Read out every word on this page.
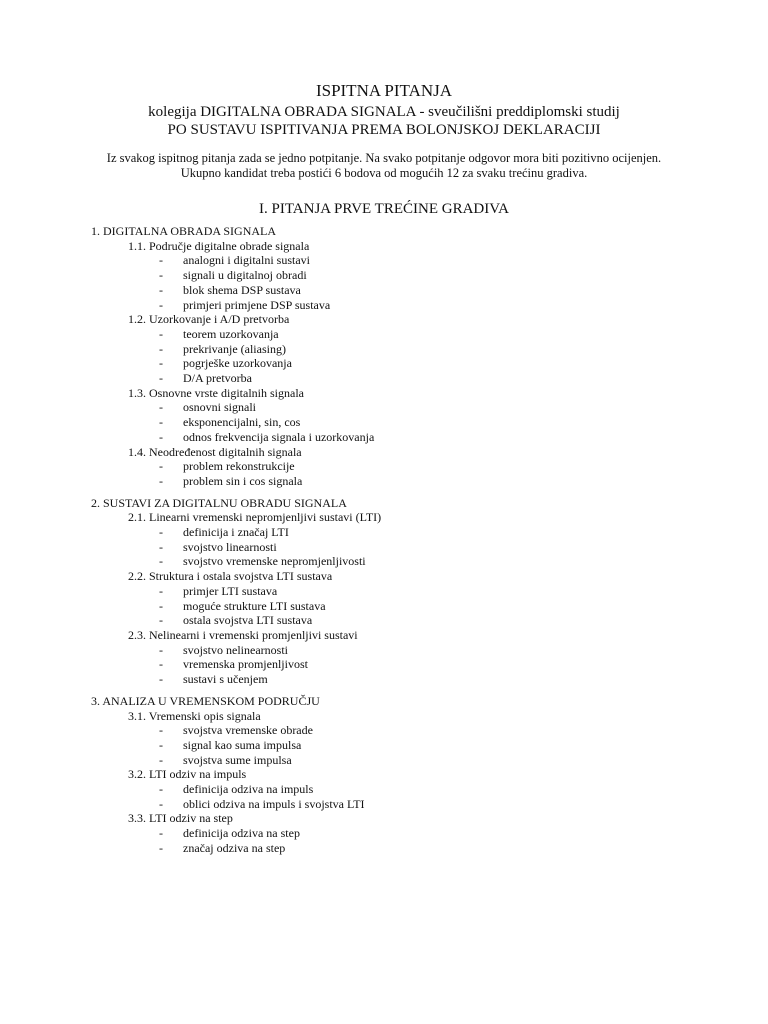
ISPITNA PITANJA
kolegija DIGITALNA OBRADA SIGNALA - sveučilišni preddiplomski studij
PO SUSTAVU ISPITIVANJA PREMA BOLONJSKOJ DEKLARACIJI
Iz svakog ispitnog pitanja zada se jedno potpitanje. Na svako potpitanje odgovor mora biti pozitivno ocijenjen.
Ukupno kandidat treba postići 6 bodova od mogućih 12 za svaku trećinu gradiva.
I. PITANJA PRVE TREĆINE GRADIVA
1. DIGITALNA OBRADA SIGNALA
1.1. Područje digitalne obrade signala
- analogni i digitalni sustavi
- signali u digitalnoj obradi
- blok shema DSP sustava
- primjeri primjene DSP sustava
1.2. Uzorkovanje i A/D pretvorba
- teorem uzorkovanja
- prekrivanje (aliasing)
- pogrješke uzorkovanja
- D/A pretvorba
1.3. Osnovne vrste digitalnih signala
- osnovni signali
- eksponencijalni, sin, cos
- odnos frekvencija signala i uzorkovanja
1.4. Neodređenost digitalnih signala
- problem rekonstrukcije
- problem sin i cos signala
2. SUSTAVI ZA DIGITALNU OBRADU SIGNALA
2.1. Linearni vremenski nepromjenljivi sustavi (LTI)
- definicija i značaj LTI
- svojstvo linearnosti
- svojstvo vremenske nepromjenljivosti
2.2. Struktura i ostala svojstva LTI sustava
- primjer LTI sustava
- moguće strukture LTI sustava
- ostala svojstva LTI sustava
2.3. Nelinearni i vremenski promjenljivi sustavi
- svojstvo nelinearnosti
- vremenska promjenljivost
- sustavi s učenjem
3. ANALIZA U VREMENSKOM PODRUČJU
3.1. Vremenski opis signala
- svojstva vremenske obrade
- signal kao suma impulsa
- svojstva sume impulsa
3.2. LTI odziv na impuls
- definicija odziva na impuls
- oblici odziva na impuls i svojstva LTI
3.3. LTI odziv na step
- definicija odziva na step
- značaj odziva na step
